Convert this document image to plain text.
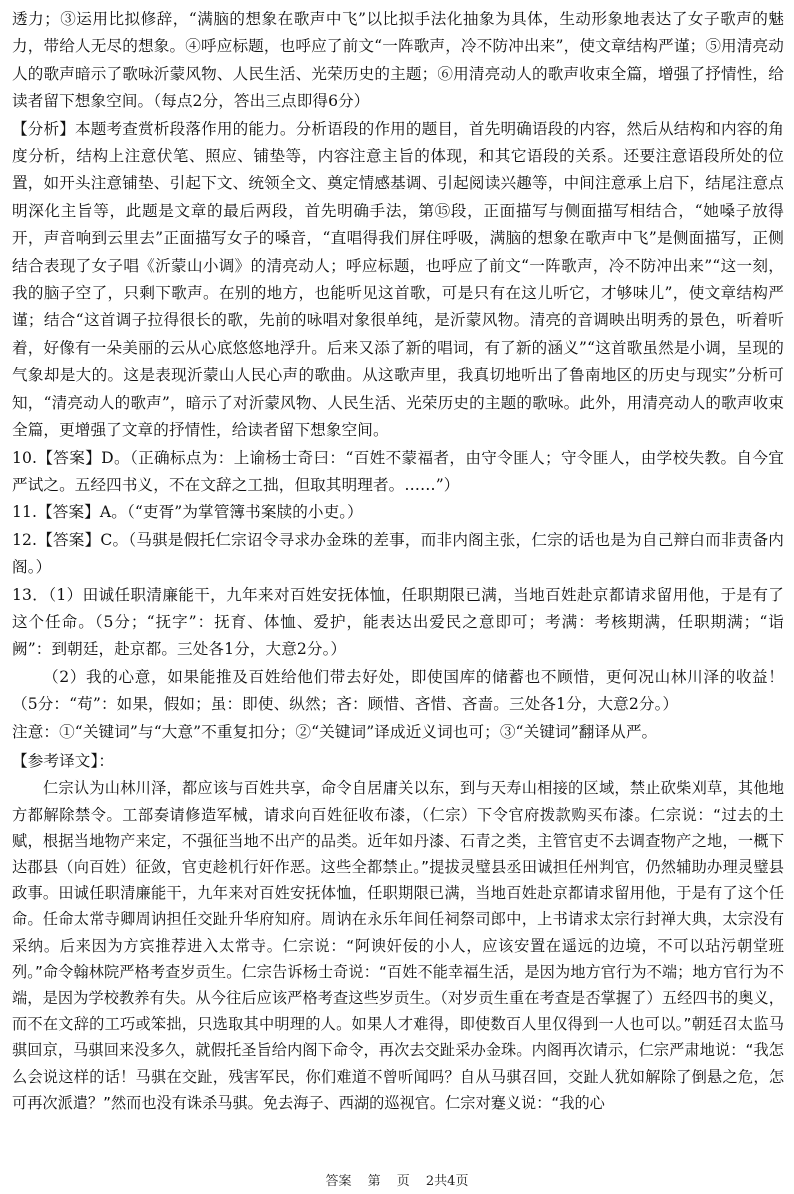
透力；③运用比拟修辞，“满脑的想象在歌声中飞”以比拟手法化抽象为具体，生动形象地表达了女子歌声的魅力，带给人无尽的想象。④呼应标题，也呼应了前文“一阵歌声，冷不防冲出来”，使文章结构严谨；⑤用清亮动人的歌声暗示了歌咏沂蒙风物、人民生活、光荣历史的主题；⑥用清亮动人的歌声收束全篇，增强了抒情性，给读者留下想象空间。（每点2分，答出三点即得6分）

【分析】本题考查赏析段落作用的能力。分析语段的作用的题目，首先明确语段的内容，然后从结构和内容的角度分析，结构上注意伏笔、照应、铺垫等，内容注意主旨的体现，和其它语段的关系。还要注意语段所处的位置，如开头注意铺垫、引起下文、统领全文、奠定情感基调、引起阅读兴趣等，中间注意承上启下，结尾注意点明深化主旨等，此题是文章的最后两段，首先明确手法，第⑮段，正面描写与侧面描写相结合，“她嗓子放得开，声音响到云里去”正面描写女子的嗓音，“直唱得我们屏住呼吸，满脑的想象在歌声中飞”是侧面描写，正侧结合表现了女子唱《沂蒙山小调》的清亮动人；呼应标题，也呼应了前文“一阵歌声，冷不防冲出来”“这一刻，我的脑子空了，只剩下歌声。在别的地方，也能听见这首歌，可是只有在这儿听它，才够味儿”，使文章结构严谨；结合“这首调子拉得很长的歌，先前的咏唱对象很单纯，是沂蒙风物。清亮的音调映出明秀的景色，听着听着，好像有一朵美丽的云从心底悠悠地浮升。后来又添了新的唱词，有了新的涵义”“这首歌虽然是小调，呈现的气象却是大的。这是表现沂蒙山人民心声的歌曲。从这歌声里，我真切地听出了鲁南地区的历史与现实”分析可知，“清亮动人的歌声”，暗示了对沂蒙风物、人民生活、光荣历史的主题的歌咏。此外，用清亮动人的歌声收束全篇，更增强了文章的抒情性，给读者留下想象空间。

10.【答案】D。（正确标点为：上谕杨士奇曰：“百姓不蒙福者，由守令匪人；守令匪人，由学校失教。自今宜严试之。五经四书义，不在文辞之工拙，但取其明理者。……”）

11.【答案】A。（“吏胥”为掌管簿书案牍的小吏。）

12.【答案】C。（马骐是假托仁宗诏令寻求办金珠的差事，而非内阁主张，仁宗的话也是为自己辩白而非责备内阁。）

13．（1）田诚任职清廉能干，九年来对百姓安抚体恤，任职期限已满，当地百姓赴京都请求留用他，于是有了这个任命。（5分；“抚字”：抚育、体恤、爱护，能表达出爱民之意即可；考满：考核期满，任职期满；“诣阙”：到朝廷，赴京都。三处各1分，大意2分。）

（2）我的心意，如果能推及百姓给他们带去好处，即使国库的储蓄也不顾惜，更何况山林川泽的收益！（5分：“苟”：如果，假如；虽：即使、纵然；吝：顾惜、吝惜、吝啬。三处各1分，大意2分。）

注意：①“关键词”与“大意”不重复扣分；②“关键词”译成近义词也可；③“关键词”翻译从严。

【参考译文】：

仁宗认为山林川泽，都应该与百姓共享，命令自居庸关以东，到与天寿山相接的区域，禁止砍柴刈草，其他地方都解除禁令。工部奏请修造军械，请求向百姓征收布漆，（仁宗）下令官府拨款购买布漆。仁宗说：“过去的土赋，根据当地物产来定，不强征当地不出产的品类。近年如丹漆、石青之类，主管官吏不去调查物产之地，一概下达郡县（向百姓）征敛，官吏趁机行奸作恶。这些全都禁止。”提拔灵璧县丞田诚担任州判官，仍然辅助办理灵璧县政事。田诚任职清廉能干，九年来对百姓安抚体恤，任职期限已满，当地百姓赴京都请求留用他，于是有了这个任命。任命太常寺卿周讷担任交趾升华府知府。周讷在永乐年间任祠祭司郎中，上书请求太宗行封禅大典，太宗没有采纳。后来因为方宾推荐进入太常寺。仁宗说：“阿谀奸佞的小人，应该安置在遥远的边境，不可以玷污朝堂班列。”命令翰林院严格考查岁贡生。仁宗告诉杨士奇说：“百姓不能幸福生活，是因为地方官行为不端；地方官行为不端，是因为学校教养有失。从今往后应该严格考查这些岁贡生。（对岁贡生重在考查是否掌握了）五经四书的奥义，而不在文辞的工巧或笨拙，只选取其中明理的人。如果人才难得，即使数百人里仅得到一人也可以。”朝廷召太监马骐回京，马骐回来没多久，就假托圣旨给内阁下命令，再次去交趾采办金珠。内阁再次请示，仁宗严肃地说：“我怎么会说这样的话！马骐在交趾，残害军民，你们难道不曾听闻吗？自从马骐召回，交趾人犹如解除了倒悬之危，怎可再次派遣？”然而也没有诛杀马骐。免去海子、西湖的巡视官。仁宗对蹇义说：“我的心

答案 第 页 2共4页
